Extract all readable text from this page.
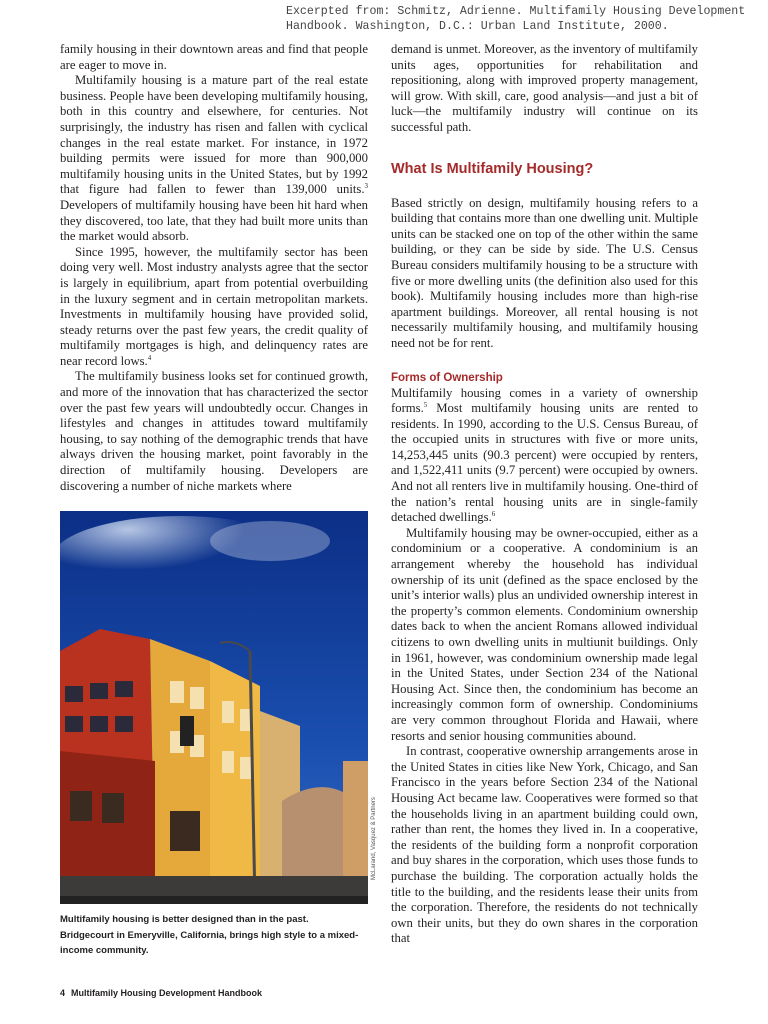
Excerpted from: Schmitz, Adrienne. Multifamily Housing Development
Handbook. Washington, D.C.: Urban Land Institute, 2000.

family housing in their downtown areas and find that people are eager to move in.

Multifamily housing is a mature part of the real estate business. People have been developing multifamily housing, both in this country and elsewhere, for centuries. Not surprisingly, the industry has risen and fallen with cyclical changes in the real estate market. For instance, in 1972 building permits were issued for more than 900,000 multifamily housing units in the United States, but by 1992 that figure had fallen to fewer than 139,000 units.$^3$ Developers of multifamily housing have been hit hard when they discovered, too late, that they had built more units than the market would absorb.

Since 1995, however, the multifamily sector has been doing very well. Most industry analysts agree that the sector is largely in equilibrium, apart from potential overbuilding in the luxury segment and in certain metropolitan markets. Investments in multifamily housing have provided solid, steady returns over the past few years, the credit quality of multifamily mortgages is high, and delinquency rates are near record lows.$^4$

The multifamily business looks set for continued growth, and more of the innovation that has characterized the sector over the past few years will undoubtedly occur. Changes in lifestyles and changes in attitudes toward multifamily housing, to say nothing of the demographic trends that have always driven the housing market, point favorably in the direction of multifamily housing. Developers are discovering a number of niche markets where

McLarand, Vasquez & Partners
Multifamily housing is better designed than in the past. Bridgecourt in Emeryville, California, brings high style to a mixed-income community.

demand is unmet. Moreover, as the inventory of multifamily units ages, opportunities for rehabilitation and repositioning, along with improved property management, will grow. With skill, care, good analysis—and just a bit of luck—the multifamily industry will continue on its successful path.

What Is Multifamily Housing?

Based strictly on design, multifamily housing refers to a building that contains more than one dwelling unit. Multiple units can be stacked one on top of the other within the same building, or they can be side by side. The U.S. Census Bureau considers multifamily housing to be a structure with five or more dwelling units (the definition also used for this book). Multifamily housing includes more than high-rise apartment buildings. Moreover, all rental housing is not necessarily multifamily housing, and multifamily housing need not be for rent.

Forms of Ownership

Multifamily housing comes in a variety of ownership forms.$^5$ Most multifamily housing units are rented to residents. In 1990, according to the U.S. Census Bureau, of the occupied units in structures with five or more units, 14,253,445 units (90.3 percent) were occupied by renters, and 1,522,411 units (9.7 percent) were occupied by owners. And not all renters live in multifamily housing. One-third of the nation’s rental housing units are in single-family detached dwellings.$^6$

Multifamily housing may be owner-occupied, either as a condominium or a cooperative. A condominium is an arrangement whereby the household has individual ownership of its unit (defined as the space enclosed by the unit’s interior walls) plus an undivided ownership interest in the property’s common elements. Condominium ownership dates back to when the ancient Romans allowed individual citizens to own dwelling units in multiunit buildings. Only in 1961, however, was condominium ownership made legal in the United States, under Section 234 of the National Housing Act. Since then, the condominium has become an increasingly common form of ownership. Condominiums are very common throughout Florida and Hawaii, where resorts and senior housing communities abound.

In contrast, cooperative ownership arrangements arose in the United States in cities like New York, Chicago, and San Francisco in the years before Section 234 of the National Housing Act became law. Cooperatives were formed so that the households living in an apartment building could own, rather than rent, the homes they lived in. In a cooperative, the residents of the building form a nonprofit corporation and buy shares in the corporation, which uses those funds to purchase the building. The corporation actually holds the title to the building, and the residents lease their units from the corporation. Therefore, the residents do not technically own their units, but they do own shares in the corporation that

4 Multifamily Housing Development Handbook
